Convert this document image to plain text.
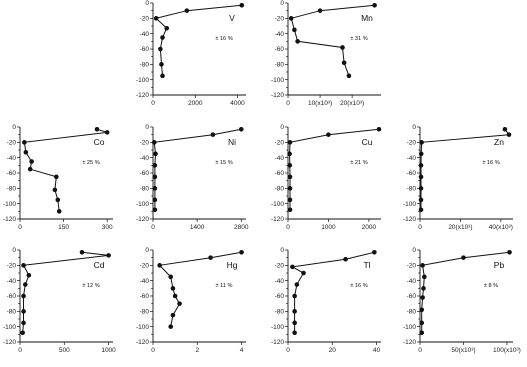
0
-20
-40
-60
-80
-100
-120
0	2000	4000
V
± 16 %
0
-20
-40
-60
-80
-100
-120
0	10(x10³) 20(x10³)
Mn
± 31 %
0
-20
-40
-60
-80
-100
-120
0	150	300
Co
± 25 %
0
-20
-40
-60
-80
-100
-120
0	1400	2800
Ni
± 15 %
0
-20
-40
-60
-80
-100
-120
0	1000	2000
Cu
± 21 %
0
-20
-40
-60
-80
-100
-120
0	20(x10³) 40(x10³)
Zn
± 16 %
0
-20
-40
-60
-80
-100
-120
0	500	1000
Cd
± 12 %
0
-20
-40
-60
-80
-100
-120
0	2	4
Hg
± 11 %
0
-20
-40
-60
-80
-100
-120
0	20	40
Tl
± 16 %
0
-20
-40
-60
-80
-100
-120
0	50(x10³)	100(x10³)
Pb
± 8 %
